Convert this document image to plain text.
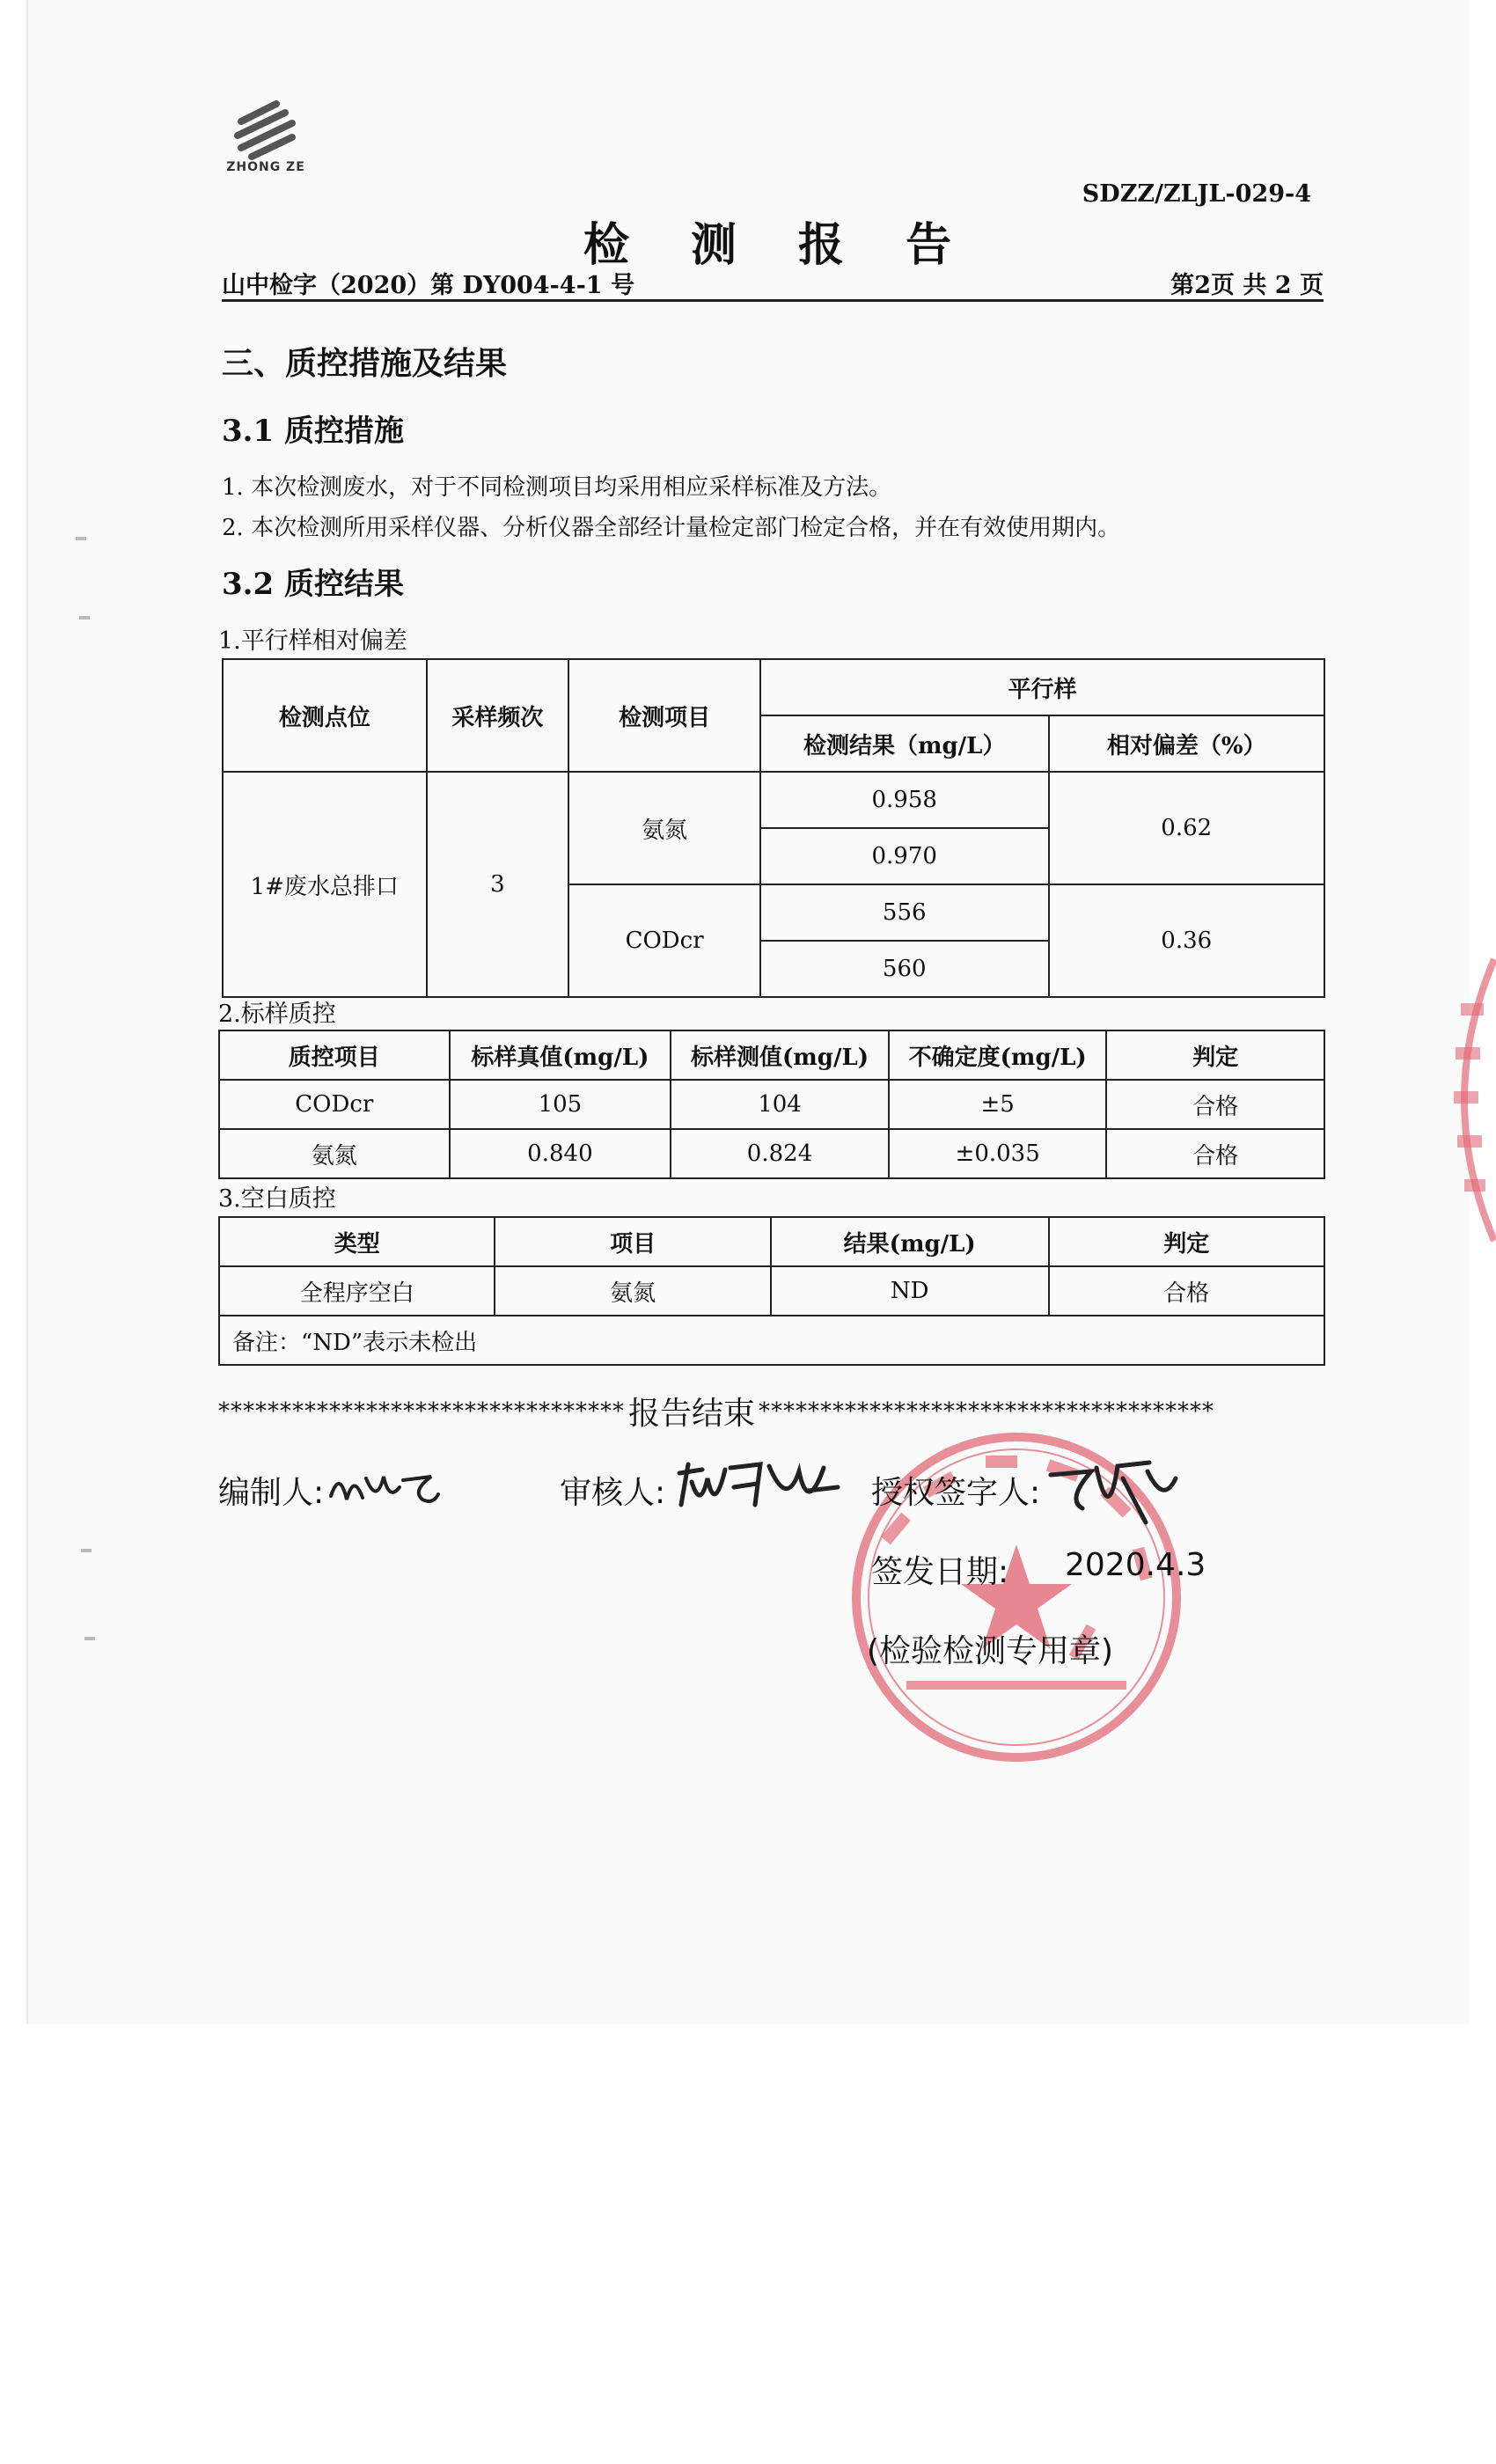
ZHONG ZE
SDZZ/ZLJL-029-4
检 测 报 告
山中检字（2020）第 DY004-4-1 号	第2页 共 2 页
三、质控措施及结果
3.1 质控措施
1. 本次检测废水，对于不同检测项目均采用相应采样标准及方法。
2. 本次检测所用采样仪器、分析仪器全部经计量检定部门检定合格，并在有效使用期内。
3.2 质控结果
1.平行样相对偏差
检测点位	采样频次	检测项目	平行样	
			检测结果（mg/L）	相对偏差（%）
1#废水总排口	3	氨氮	0.958	0.62
			0.970	
		CODcr	556	0.36
			560	
2.标样质控
质控项目	标样真值(mg/L)	标样测值(mg/L)	不确定度(mg/L)	判定
CODcr	105	104	±5	合格
氨氮	0.840	0.824	±0.035	合格
3.空白质控
类型	项目	结果(mg/L)	判定
全程序空白	氨氮	ND	合格
备注：“ND”表示未检出			
********************************* 报告结束 *************************************
编制人:	审核人:	授权签字人:
签发日期: 2020.4.3
(检验检测专用章)
